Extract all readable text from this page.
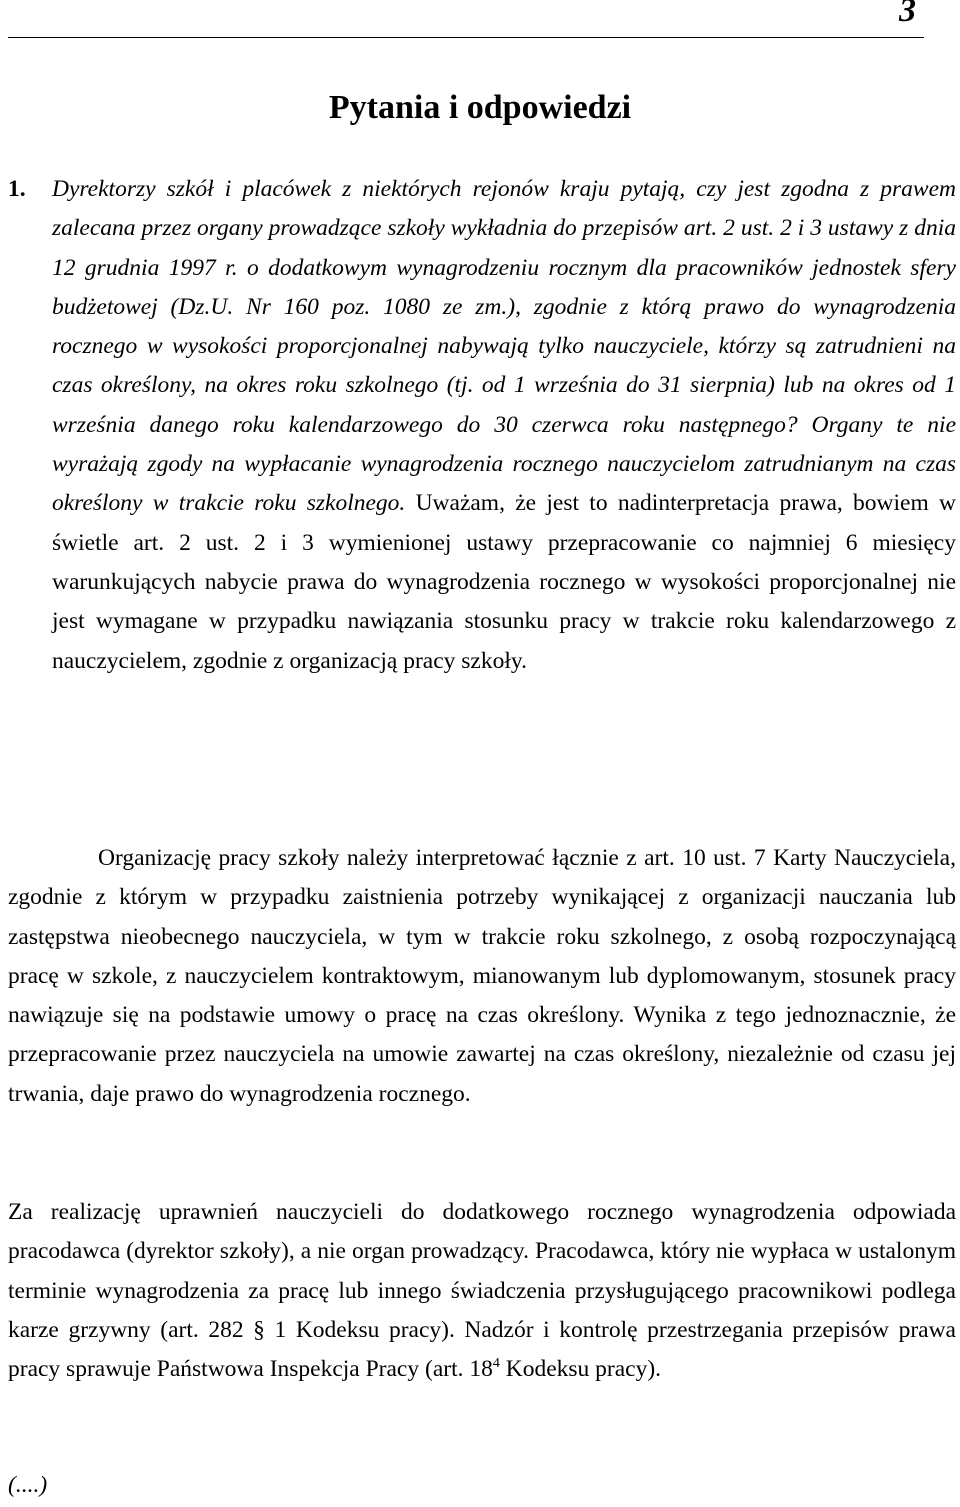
3
Pytania i odpowiedzi
1. Dyrektorzy szkół i placówek z niektórych rejonów kraju pytają, czy jest zgodna z prawem zalecana przez organy prowadzące szkoły wykładnia do przepisów art. 2 ust. 2 i 3 ustawy z dnia 12 grudnia 1997 r. o dodatkowym wynagrodzeniu rocznym dla pracowników jednostek sfery budżetowej (Dz.U. Nr 160 poz. 1080 ze zm.), zgodnie z którą prawo do wynagrodzenia rocznego w wysokości proporcjonalnej nabywają tylko nauczyciele, którzy są zatrudnieni na czas określony, na okres roku szkolnego (tj. od 1 września do 31 sierpnia) lub na okres od 1 września danego roku kalendarzowego do 30 czerwca roku następnego? Organy te nie wyrażają zgody na wypłacanie wynagrodzenia rocznego nauczycielom zatrudnianym na czas określony w trakcie roku szkolnego. Uważam, że jest to nadinterpretacja prawa, bowiem w świetle art. 2 ust. 2 i 3 wymienionej ustawy przepracowanie co najmniej 6 miesięcy warunkujących nabycie prawa do wynagrodzenia rocznego w wysokości proporcjonalnej nie jest wymagane w przypadku nawiązania stosunku pracy w trakcie roku kalendarzowego z nauczycielem, zgodnie z organizacją pracy szkoły.

Organizację pracy szkoły należy interpretować łącznie z art. 10 ust. 7 Karty Nauczyciela, zgodnie z którym w przypadku zaistnienia potrzeby wynikającej z organizacji nauczania lub zastępstwa nieobecnego nauczyciela, w tym w trakcie roku szkolnego, z osobą rozpoczynającą pracę w szkole, z nauczycielem kontraktowym, mianowanym lub dyplomowanym, stosunek pracy nawiązuje się na podstawie umowy o pracę na czas określony. Wynika z tego jednoznacznie, że przepracowanie przez nauczyciela na umowie zawartej na czas określony, niezależnie od czasu jej trwania, daje prawo do wynagrodzenia rocznego.

Za realizację uprawnień nauczycieli do dodatkowego rocznego wynagrodzenia odpowiada pracodawca (dyrektor szkoły), a nie organ prowadzący. Pracodawca, który nie wypłaca w ustalonym terminie wynagrodzenia za pracę lub innego świadczenia przysługującego pracownikowi podlega karze grzywny (art. 282 § 1 Kodeksu pracy). Nadzór i kontrolę przestrzegania przepisów prawa pracy sprawuje Państwowa Inspekcja Pracy (art. $18^4$ Kodeksu pracy).

(....)
